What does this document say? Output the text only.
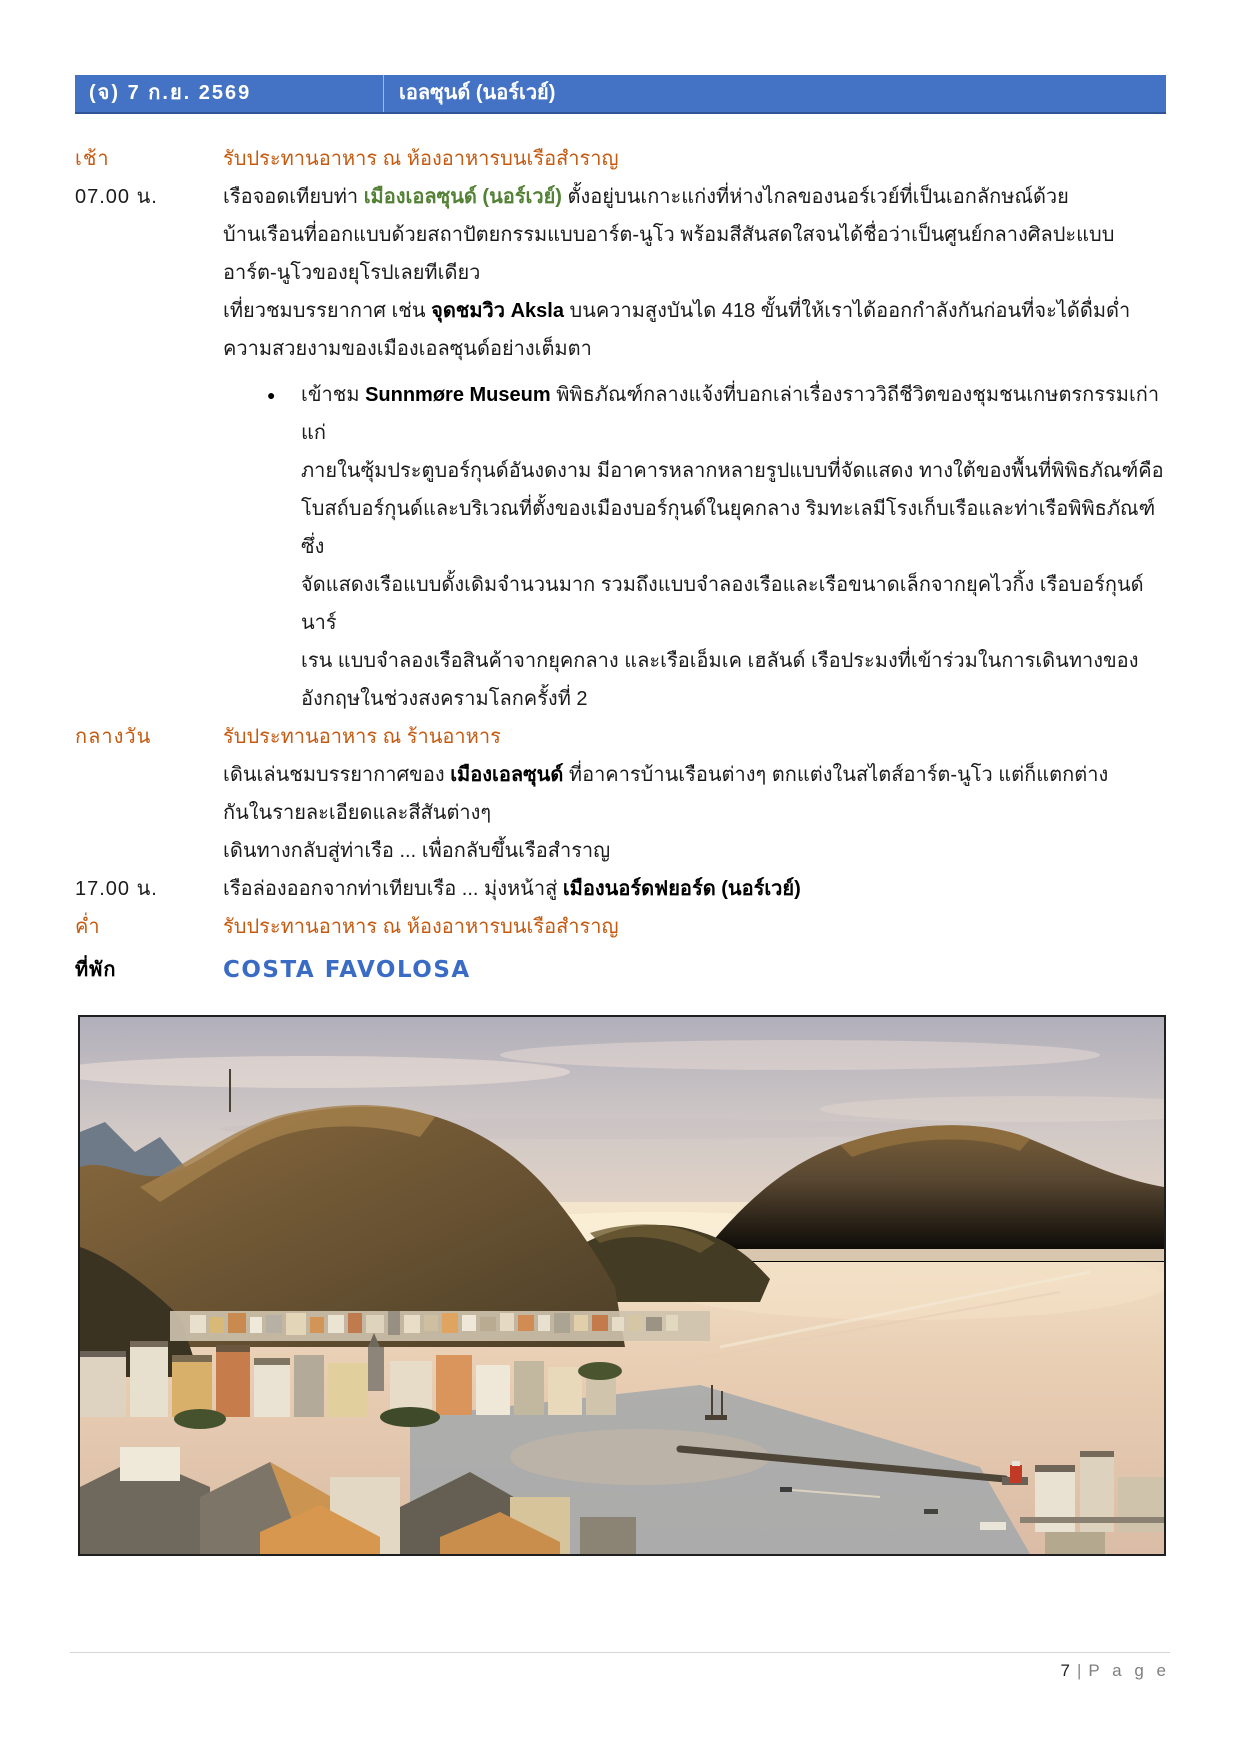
(จ) 7 ก.ย. 2569	เอลซุนด์ (นอร์เวย์)
เช้า	รับประทานอาหาร ณ ห้องอาหารบนเรือสำราญ
07.00 น.	เรือจอดเทียบท่า เมืองเอลซุนด์ (นอร์เวย์) ตั้งอยู่บนเกาะแก่งที่ห่างไกลของนอร์เวย์ที่เป็นเอกลักษณ์ด้วย
บ้านเรือนที่ออกแบบด้วยสถาปัตยกรรมแบบอาร์ต-นูโว พร้อมสีสันสดใสจนได้ชื่อว่าเป็นศูนย์กลางศิลปะแบบ
อาร์ต-นูโวของยุโรปเลยทีเดียว
เที่ยวชมบรรยากาศ เช่น จุดชมวิว Aksla บนความสูงบันได 418 ขั้นที่ให้เราได้ออกกำลังกันก่อนที่จะได้ดื่มด่ำ
ความสวยงามของเมืองเอลซุนด์อย่างเต็มตา
● เข้าชม Sunnmøre Museum พิพิธภัณฑ์กลางแจ้งที่บอกเล่าเรื่องราววิถีชีวิตของชุมชนเกษตรกรรมเก่าแก่
ภายในซุ้มประตูบอร์กุนด์อันงดงาม มีอาคารหลากหลายรูปแบบที่จัดแสดง ทางใต้ของพื้นที่พิพิธภัณฑ์คือ
โบสถ์บอร์กุนด์และบริเวณที่ตั้งของเมืองบอร์กุนด์ในยุคกลาง ริมทะเลมีโรงเก็บเรือและท่าเรือพิพิธภัณฑ์ ซึ่ง
จัดแสดงเรือแบบดั้งเดิมจำนวนมาก รวมถึงแบบจำลองเรือและเรือขนาดเล็กจากยุคไวกิ้ง เรือบอร์กุนด์นาร์
เรน แบบจำลองเรือสินค้าจากยุคกลาง และเรือเอ็มเค เฮลันด์ เรือประมงที่เข้าร่วมในการเดินทางของ
อังกฤษในช่วงสงครามโลกครั้งที่ 2
กลางวัน	รับประทานอาหาร ณ ร้านอาหาร
เดินเล่นชมบรรยากาศของ เมืองเอลซุนด์ ที่อาคารบ้านเรือนต่างๆ ตกแต่งในสไตส์อาร์ต-นูโว แต่ก็แตกต่าง
กันในรายละเอียดและสีสันต่างๆ
เดินทางกลับสู่ท่าเรือ ... เพื่อกลับขึ้นเรือสำราญ
17.00 น.	เรือล่องออกจากท่าเทียบเรือ ... มุ่งหน้าสู่ เมืองนอร์ดฟยอร์ด (นอร์เวย์)
ค่ำ	รับประทานอาหาร ณ ห้องอาหารบนเรือสำราญ
ที่พัก	COSTA FAVOLOSA
7 | P a g e
